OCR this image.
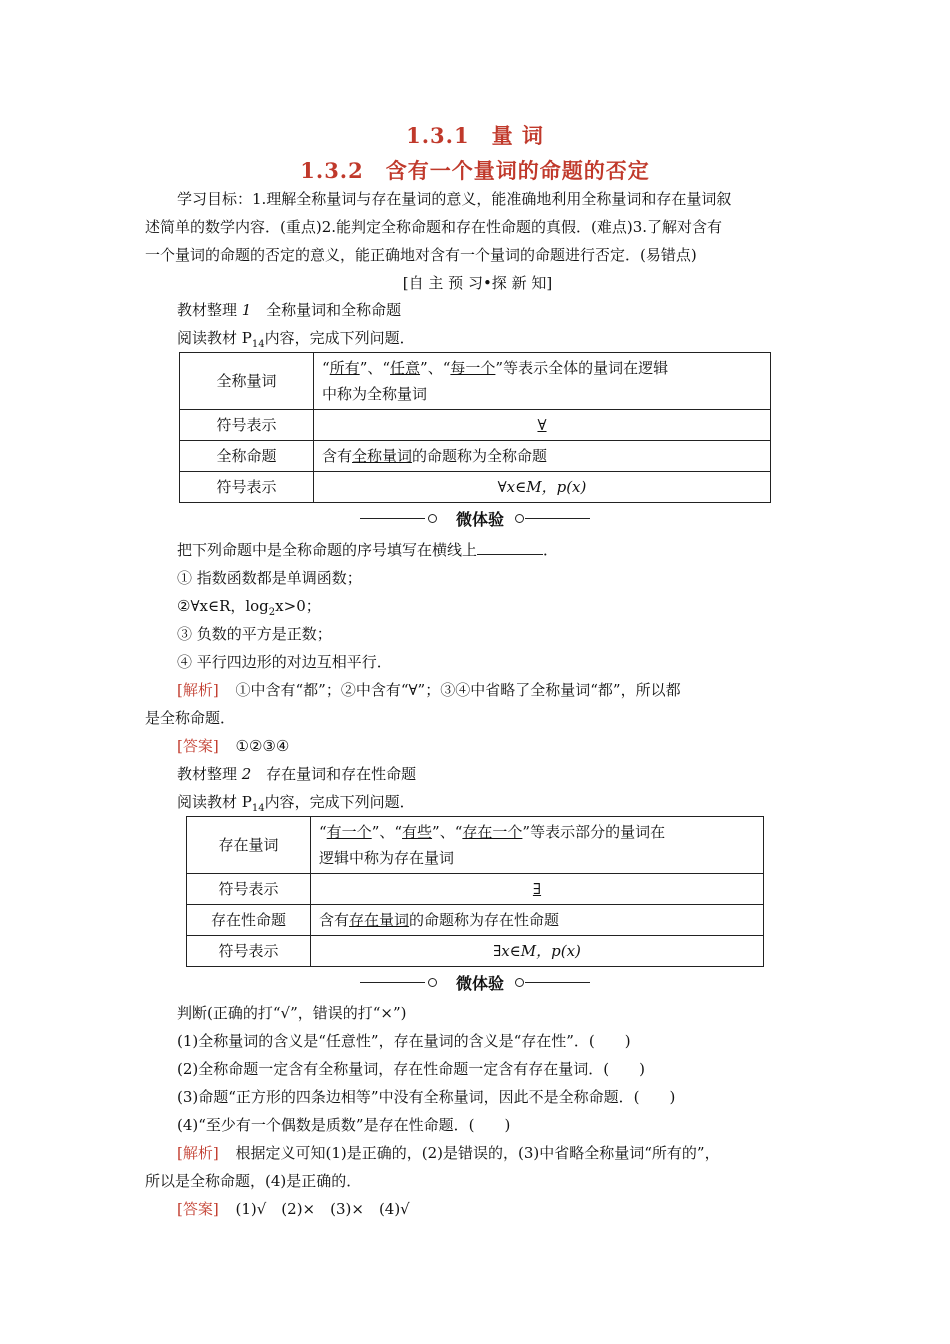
1.3.1　量 词
1.3.2　含有一个量词的命题的否定
学习目标：1.理解全称量词与存在量词的意义，能准确地利用全称量词和存在量词叙
述简单的数学内容．(重点)2.能判定全称命题和存在性命题的真假．(难点)3.了解对含有
一个量词的命题的否定的意义，能正确地对含有一个量词的命题进行否定．(易错点)
[自 主 预 习•探 新 知]
教材整理 1 全称量词和全称命题
阅读教材 $P_{14}$内容，完成下列问题．
全称量词	“所有”、“任意”、“每一个”等表示全体的量词在逻辑
中称为全称量词
符号表示	∀
全称命题	含有全称量词的命题称为全称命题
符号表示	∀x∈M，p(x)
微体验
把下列命题中是全称命题的序号填写在横线上	．
① 指数函数都是单调函数；
②∀x∈R，$\log_2x>0$；
③ 负数的平方是正数；
④ 平行四边形的对边互相平行．
[解析] ①中含有“都”；②中含有“∀”；③④中省略了全称量词“都”，所以都
是全称命题．
[答案] ①②③④
教材整理 2 存在量词和存在性命题
阅读教材 $P_{14}$内容，完成下列问题．
存在量词	“有一个”、“有些”、“存在一个”等表示部分的量词在
逻辑中称为存在量词
符号表示	∃
存在性命题	含有存在量词的命题称为存在性命题
符号表示	∃x∈M，p(x)
微体验
判断(正确的打“√”，错误的打“×”)
(1)全称量词的含义是“任意性”，存在量词的含义是“存在性”．(　　)
(2)全称命题一定含有全称量词，存在性命题一定含有存在量词．(　　)
(3)命题“正方形的四条边相等”中没有全称量词，因此不是全称命题．(　　)
(4)“至少有一个偶数是质数”是存在性命题．(　　)
[解析] 根据定义可知(1)是正确的，(2)是错误的，(3)中省略全称量词“所有的”，
所以是全称命题，(4)是正确的．
[答案] (1)√　(2)×　(3)×　(4)√
